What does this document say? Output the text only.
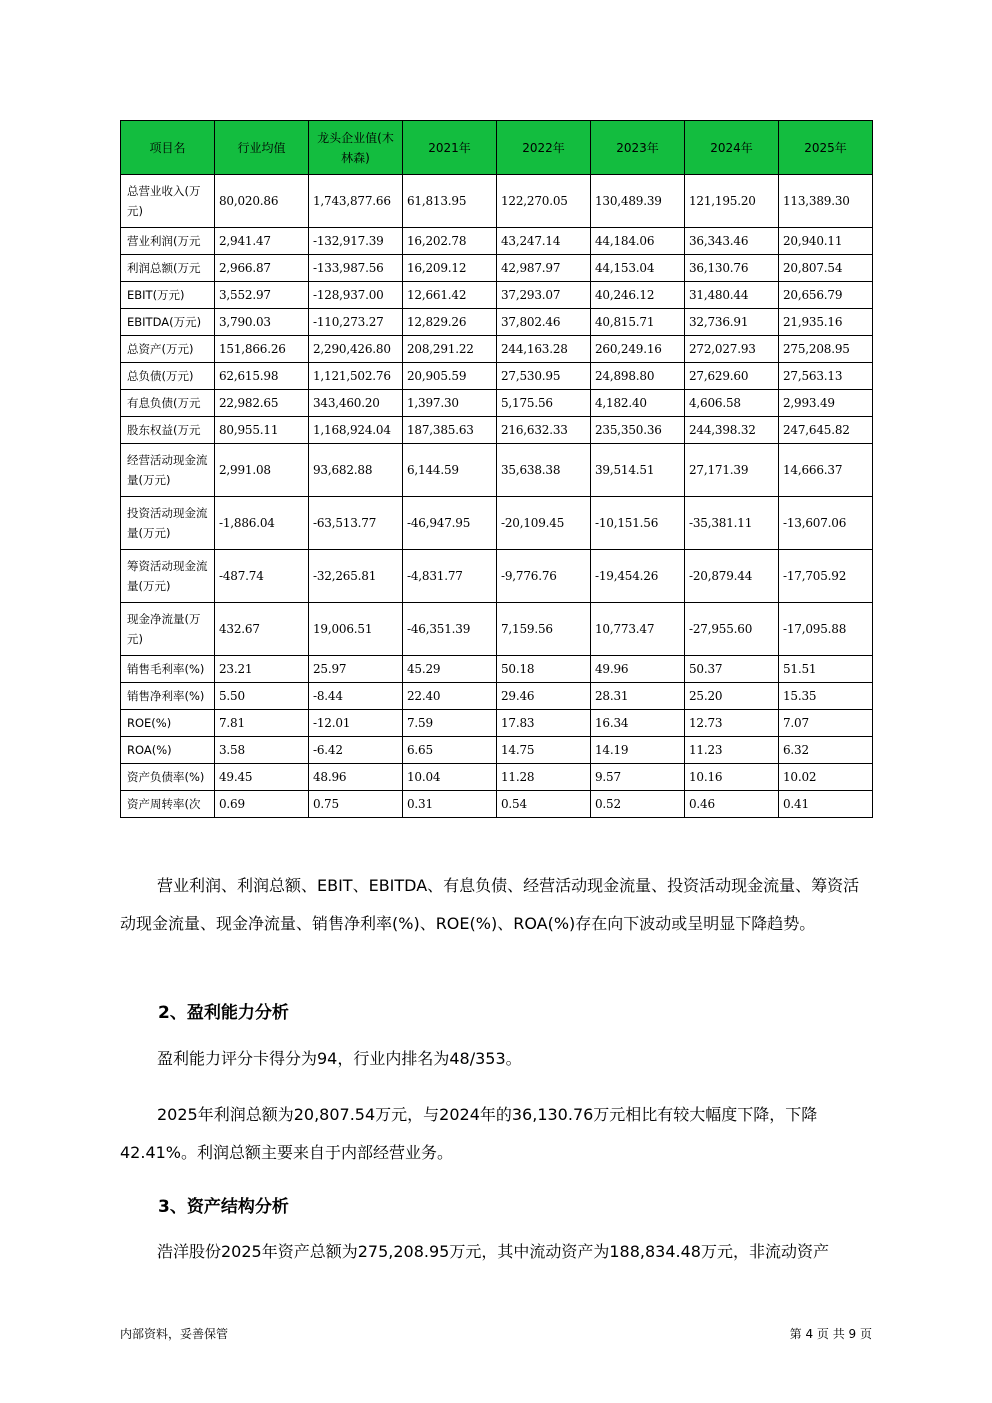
项目名	行业均值	龙头企业值(木林森)	2021年	2022年	2023年	2024年	2025年
总营业收入(万元)	80,020.86	1,743,877.66	61,813.95	122,270.05	130,489.39	121,195.20	113,389.30
营业利润(万元	2,941.47	-132,917.39	16,202.78	43,247.14	44,184.06	36,343.46	20,940.11
利润总额(万元	2,966.87	-133,987.56	16,209.12	42,987.97	44,153.04	36,130.76	20,807.54
EBIT(万元)	3,552.97	-128,937.00	12,661.42	37,293.07	40,246.12	31,480.44	20,656.79
EBITDA(万元)	3,790.03	-110,273.27	12,829.26	37,802.46	40,815.71	32,736.91	21,935.16
总资产(万元)	151,866.26	2,290,426.80	208,291.22	244,163.28	260,249.16	272,027.93	275,208.95
总负债(万元)	62,615.98	1,121,502.76	20,905.59	27,530.95	24,898.80	27,629.60	27,563.13
有息负债(万元	22,982.65	343,460.20	1,397.30	5,175.56	4,182.40	4,606.58	2,993.49
股东权益(万元	80,955.11	1,168,924.04	187,385.63	216,632.33	235,350.36	244,398.32	247,645.82
经营活动现金流量(万元)	2,991.08	93,682.88	6,144.59	35,638.38	39,514.51	27,171.39	14,666.37
投资活动现金流量(万元)	-1,886.04	-63,513.77	-46,947.95	-20,109.45	-10,151.56	-35,381.11	-13,607.06
筹资活动现金流量(万元)	-487.74	-32,265.81	-4,831.77	-9,776.76	-19,454.26	-20,879.44	-17,705.92
现金净流量(万元)	432.67	19,006.51	-46,351.39	7,159.56	10,773.47	-27,955.60	-17,095.88
销售毛利率(%)	23.21	25.97	45.29	50.18	49.96	50.37	51.51
销售净利率(%)	5.50	-8.44	22.40	29.46	28.31	25.20	15.35
ROE(%)	7.81	-12.01	7.59	17.83	16.34	12.73	7.07
ROA(%)	3.58	-6.42	6.65	14.75	14.19	11.23	6.32
资产负债率(%)	49.45	48.96	10.04	11.28	9.57	10.16	10.02
资产周转率(次	0.69	0.75	0.31	0.54	0.52	0.46	0.41

营业利润、利润总额、EBIT、EBITDA、有息负债、经营活动现金流量、投资活动现金流量、筹资活动现金流量、现金净流量、销售净利率(%)、ROE(%)、ROA(%)存在向下波动或呈明显下降趋势。

2、盈利能力分析

盈利能力评分卡得分为94，行业内排名为48/353。

2025年利润总额为20,807.54万元，与2024年的36,130.76万元相比有较大幅度下降，下降42.41%。利润总额主要来自于内部经营业务。

3、资产结构分析

浩洋股份2025年资产总额为275,208.95万元，其中流动资产为188,834.48万元，非流动资产

内部资料，妥善保管	第 4 页 共 9 页
